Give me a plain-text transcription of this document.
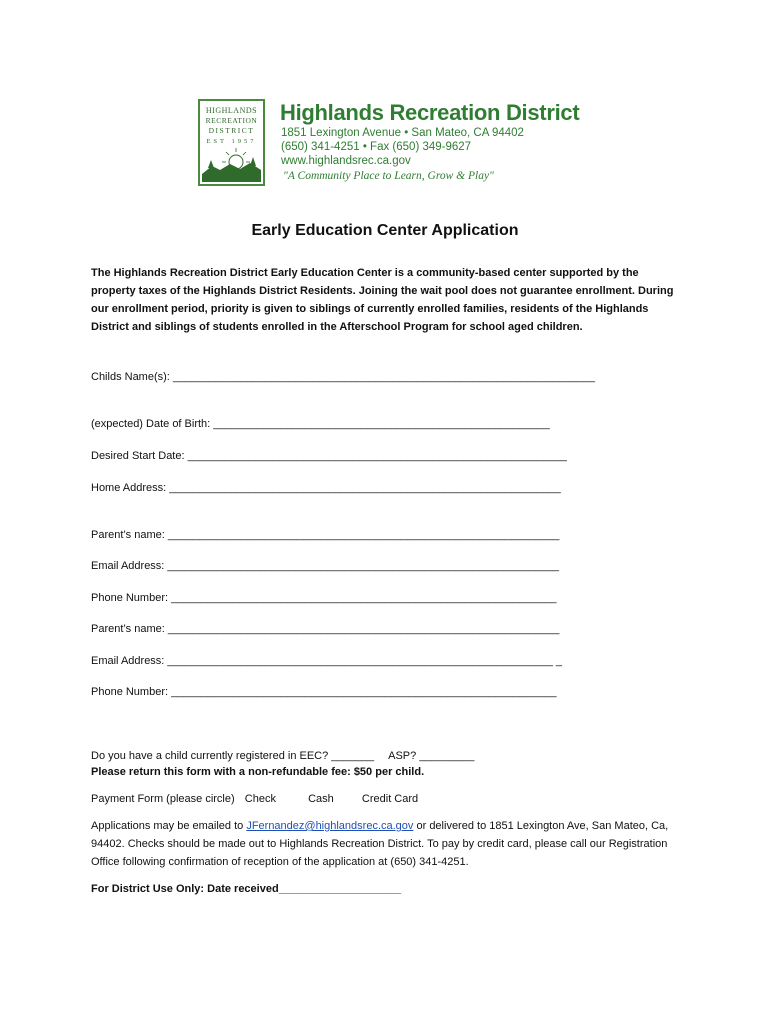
HIGHLANDS
RECREATION
DISTRICT
EST 1957
Highlands Recreation District
1851 Lexington Avenue • San Mateo, CA 94402
(650) 341-4251 • Fax (650) 349-9627
www.highlandsrec.ca.gov
"A Community Place to Learn, Grow & Play"
Early Education Center Application
The Highlands Recreation District Early Education Center is a community-based center supported by the property taxes of the Highlands District Residents. Joining the wait pool does not guarantee enrollment. During our enrollment period, priority is given to siblings of currently enrolled families, residents of the Highlands District and siblings of students enrolled in the Afterschool Program for school aged children.
Childs Name(s): _____________________________________________________________________
(expected) Date of Birth: _______________________________________________________
Desired Start Date: ______________________________________________________________
Home Address: ________________________________________________________________
Parent’s name: ________________________________________________________________
Email Address: ________________________________________________________________
Phone Number: _______________________________________________________________
Parent’s name: ________________________________________________________________
Email Address: _______________________________________________________________ _
Phone Number: _______________________________________________________________
Do you have a child currently registered in EEC? _______ ASP? _________
Please return this form with a non-refundable fee: $50 per child.
Payment Form (please circle) Check	Cash	Credit Card
Applications may be emailed to JFernandez@highlandsrec.ca.gov or delivered to 1851 Lexington Ave, San Mateo, Ca, 94402. Checks should be made out to Highlands Recreation District. To pay by credit card, please call our Registration Office following confirmation of reception of the application at (650) 341-4251.
For District Use Only: Date received____________________
